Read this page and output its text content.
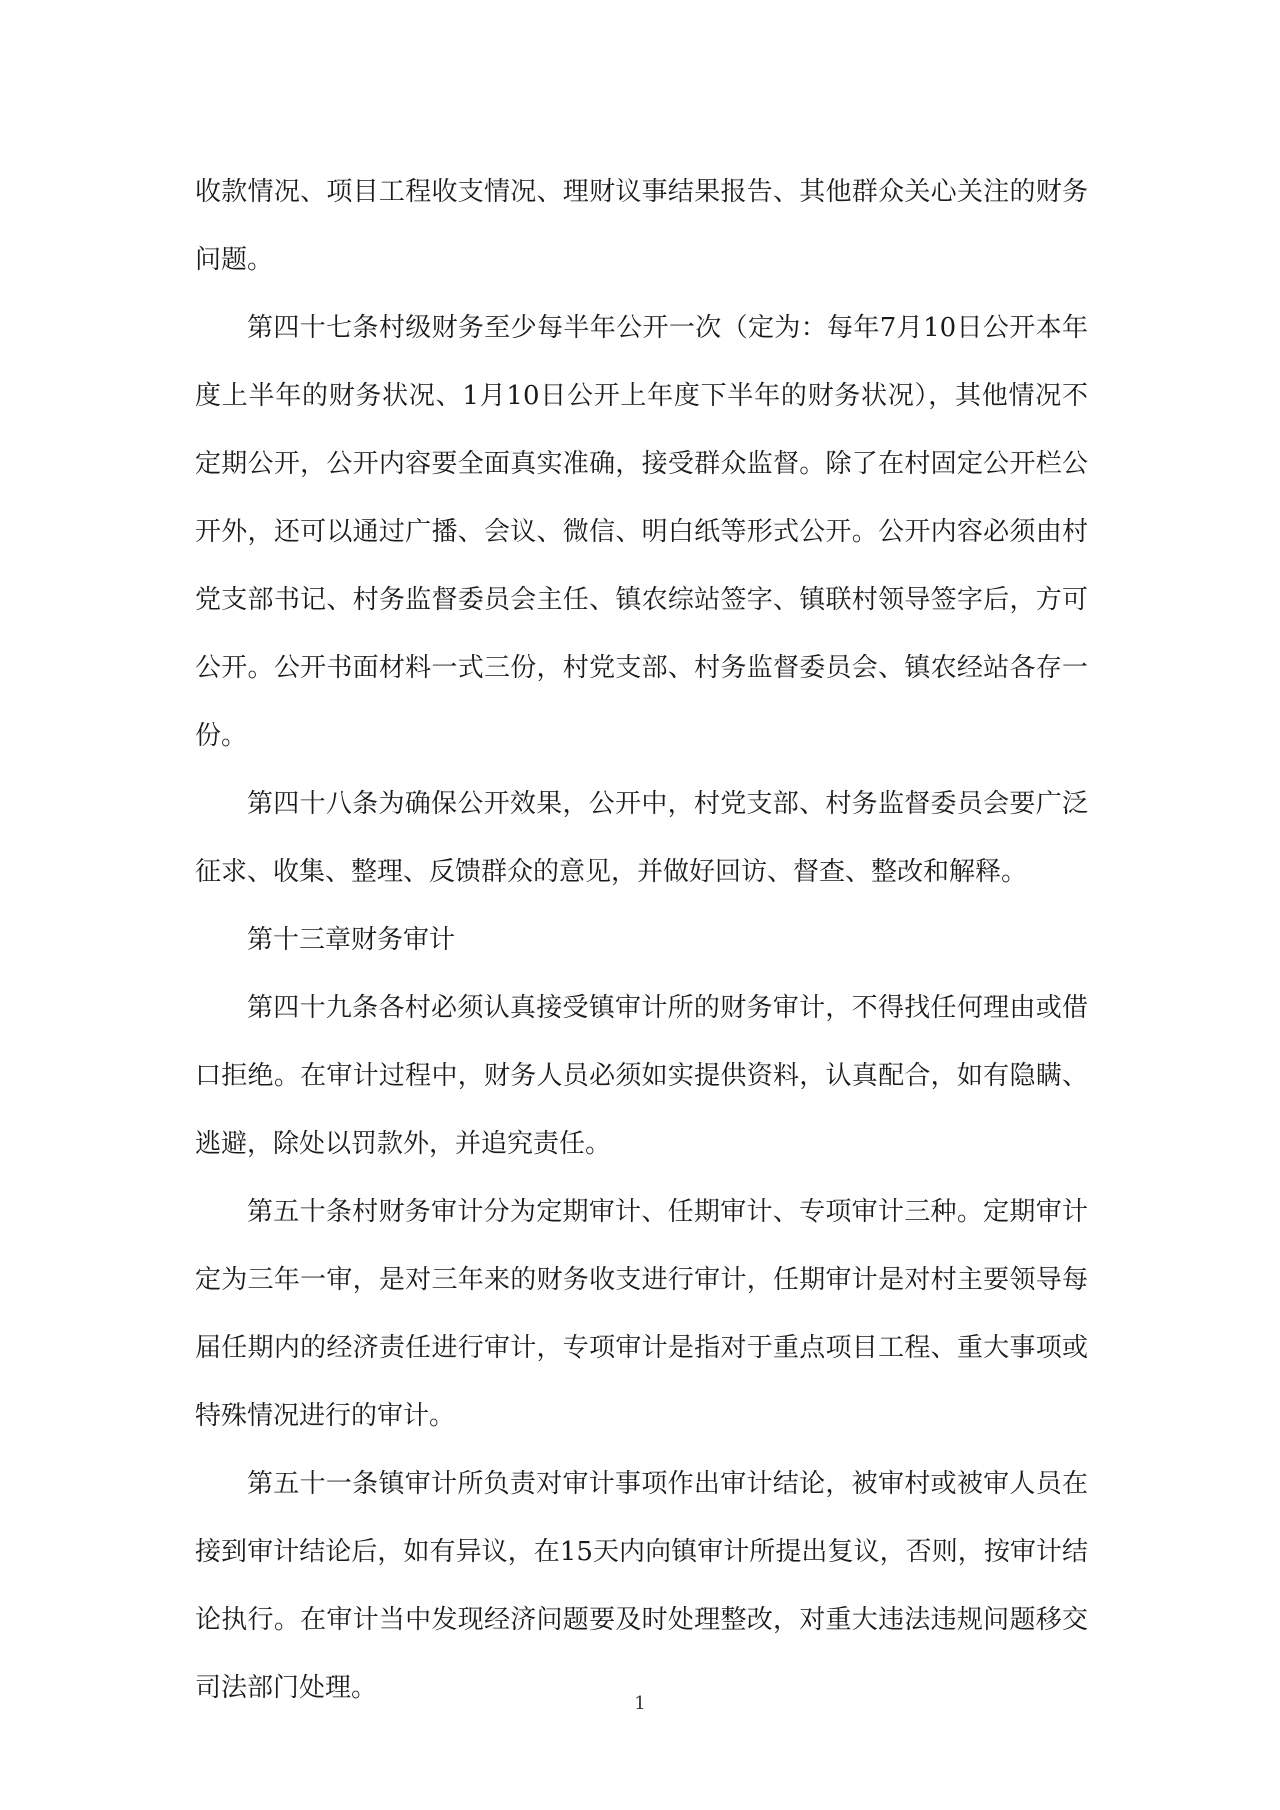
收款情况、项目工程收支情况、理财议事结果报告、其他群众关心关注的财务问题。

第四十七条村级财务至少每半年公开一次（定为：每年7月10日公开本年度上半年的财务状况、1月10日公开上年度下半年的财务状况），其他情况不定期公开，公开内容要全面真实准确，接受群众监督。除了在村固定公开栏公开外，还可以通过广播、会议、微信、明白纸等形式公开。公开内容必须由村党支部书记、村务监督委员会主任、镇农综站签字、镇联村领导签字后，方可公开。公开书面材料一式三份，村党支部、村务监督委员会、镇农经站各存一份。

第四十八条为确保公开效果，公开中，村党支部、村务监督委员会要广泛征求、收集、整理、反馈群众的意见，并做好回访、督查、整改和解释。

第十三章财务审计

第四十九条各村必须认真接受镇审计所的财务审计，不得找任何理由或借口拒绝。在审计过程中，财务人员必须如实提供资料，认真配合，如有隐瞒、逃避，除处以罚款外，并追究责任。

第五十条村财务审计分为定期审计、任期审计、专项审计三种。定期审计定为三年一审，是对三年来的财务收支进行审计，任期审计是对村主要领导每届任期内的经济责任进行审计，专项审计是指对于重点项目工程、重大事项或特殊情况进行的审计。

第五十一条镇审计所负责对审计事项作出审计结论，被审村或被审人员在接到审计结论后，如有异议，在15天内向镇审计所提出复议，否则，按审计结论执行。在审计当中发现经济问题要及时处理整改，对重大违法违规问题移交司法部门处理。

1
